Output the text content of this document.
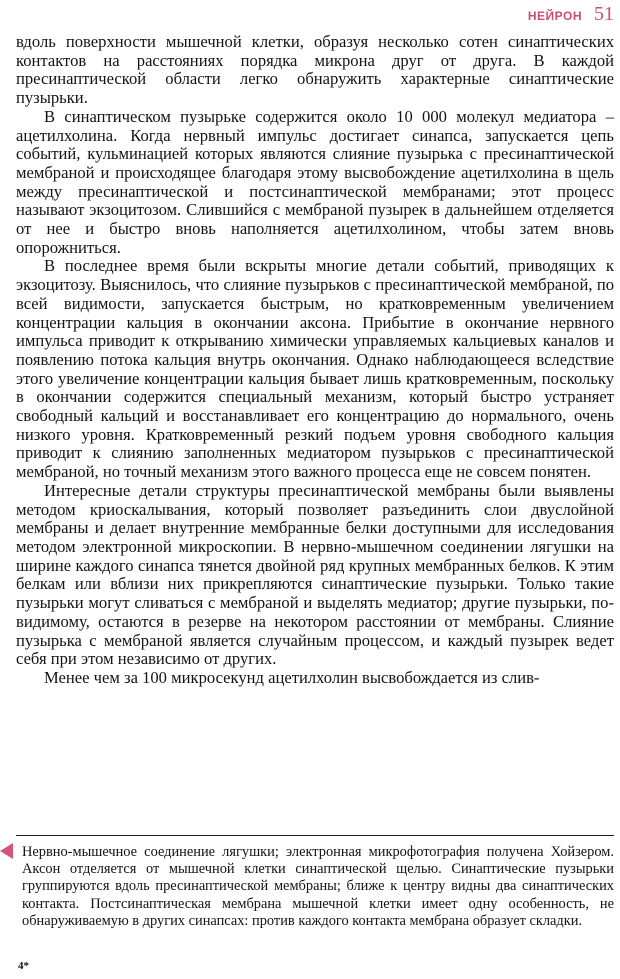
НЕЙРОН 51

вдоль поверхности мышечной клетки, образуя несколько сотен синаптических контактов на расстояниях порядка микрона друг от друга. В каждой пресинаптической области легко обнаружить характерные синаптические пузырьки.

В синаптическом пузырьке содержится около 10 000 молекул медиатора – ацетилхолина. Когда нервный импульс достигает синапса, запускается цепь событий, кульминацией которых являются слияние пузырька с пресинаптической мембраной и происходящее благодаря этому высвобождение ацетилхолина в щель между пресинаптической и постсинаптической мембранами; этот процесс называют экзоцитозом. Слившийся с мембраной пузырек в дальнейшем отделяется от нее и быстро вновь наполняется ацетилхолином, чтобы затем вновь опорожниться.

В последнее время были вскрыты многие детали событий, приводящих к экзоцитозу. Выяснилось, что слияние пузырьков с пресинаптической мембраной, по всей видимости, запускается быстрым, но кратковременным увеличением концентрации кальция в окончании аксона. Прибытие в окончание нервного импульса приводит к открыванию химически управляемых кальциевых каналов и появлению потока кальция внутрь окончания. Однако наблюдающееся вследствие этого увеличение концентрации кальция бывает лишь кратковременным, поскольку в окончании содержится специальный механизм, который быстро устраняет свободный кальций и восстанавливает его концентрацию до нормального, очень низкого уровня. Кратковременный резкий подъем уровня свободного кальция приводит к слиянию заполненных медиатором пузырьков с пресинаптической мембраной, но точный механизм этого важного процесса еще не совсем понятен.

Интересные детали структуры пресинаптической мембраны были выявлены методом криоскалывания, который позволяет разъединить слои двуслойной мембраны и делает внутренние мембранные белки доступными для исследования методом электронной микроскопии. В нервно-мышечном соединении лягушки на ширине каждого синапса тянется двойной ряд крупных мембранных белков. К этим белкам или вблизи них прикрепляются синаптические пузырьки. Только такие пузырьки могут сливаться с мембраной и выделять медиатор; другие пузырьки, по-видимому, остаются в резерве на некотором расстоянии от мембраны. Слияние пузырька с мембраной является случайным процессом, и каждый пузырек ведет себя при этом независимо от других.

Менее чем за 100 микросекунд ацетилхолин высвобождается из слив-

Нервно-мышечное соединение лягушки; электронная микрофотография получена Хойзером. Аксон отделяется от мышечной клетки синаптической щелью. Синаптические пузырьки группируются вдоль пресинаптической мембраны; ближе к центру видны два синаптических контакта. Постсинаптическая мембрана мышечной клетки имеет одну особенность, не обнаруживаемую в других синапсах: против каждого контакта мембрана образует складки.

4*
